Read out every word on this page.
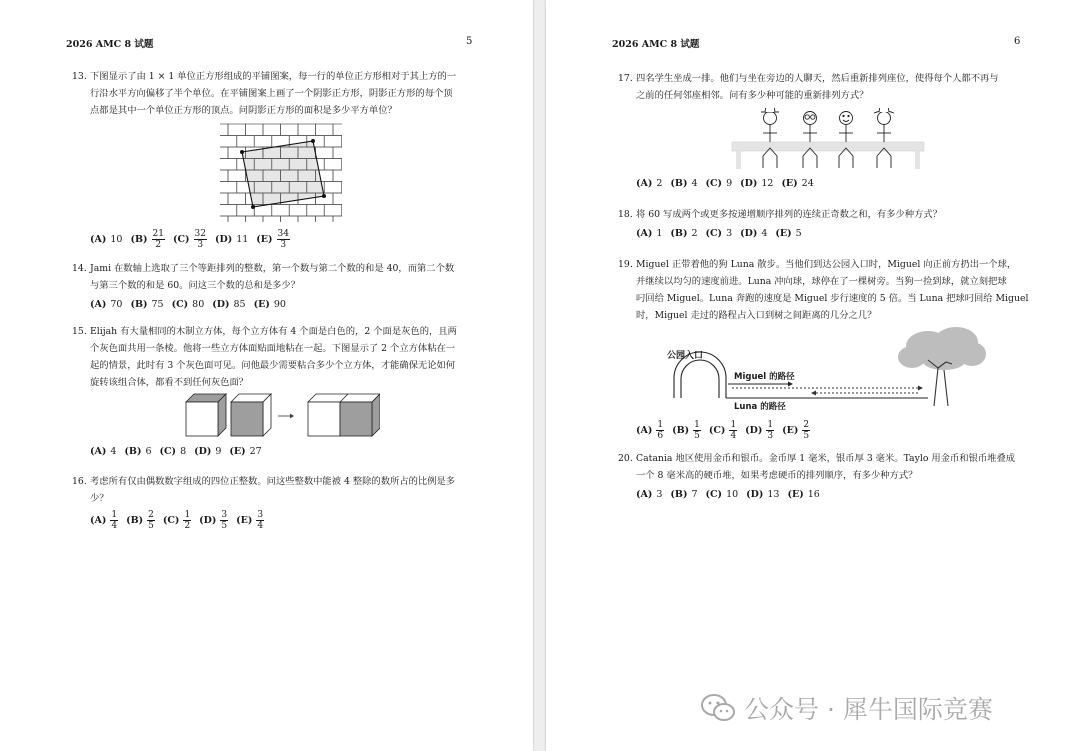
2026 AMC 8 试题	5
13. 下图显示了由 1 × 1 单位正方形组成的平铺图案，每一行的单位正方形相对于其上方的一
行沿水平方向偏移了半个单位。在平铺图案上画了一个阴影正方形，阴影正方形的每个顶
点都是其中一个单位正方形的顶点。问阴影正方形的面积是多少平方单位？
(A) 10 $(B) \frac{21}{2} (C) \frac{32}{3} (D)$ 11 $(E) \frac{34}{3}$
14. Jami 在数轴上选取了三个等距排列的整数，第一个数与第二个数的和是 40，而第二个数
与第三个数的和是 60。问这三个数的总和是多少？
(A) 70 (B) 75 (C) 80 (D) 85 (E) 90
15. Elijah 有大量相同的木制立方体，每个立方体有 4 个面是白色的，2 个面是灰色的，且两
个灰色面共用一条棱。他将一些立方体面贴面地粘在一起。下图显示了 2 个立方体粘在一
起的情景，此时有 3 个灰色面可见。问他最少需要粘合多少个立方体，才能确保无论如何
旋转该组合体，都看不到任何灰色面？
(A) 4 (B) 6 (C) 8 (D) 9 (E) 27
16. 考虑所有仅由偶数数字组成的四位正整数。问这些整数中能被 4 整除的数所占的比例是多
少？
$(A) \frac{1}{4} (B) \frac{2}{5} (C) \frac{1}{2} (D) \frac{3}{5} (E) \frac{3}{4}$
2026 AMC 8 试题	6
17. 四名学生坐成一排。他们与坐在旁边的人聊天，然后重新排列座位，使得每个人都不再与
之前的任何邻座相邻。问有多少种可能的重新排列方式？
(A) 2 (B) 4 (C) 9 (D) 12 (E) 24
18. 将 60 写成两个或更多按递增顺序排列的连续正奇数之和，有多少种方式？
(A) 1 (B) 2 (C) 3 (D) 4 (E) 5
19. Miguel 正带着他的狗 Luna 散步。当他们到达公园入口时，Miguel 向正前方扔出一个球，
并继续以均匀的速度前进。Luna 冲向球，球停在了一棵树旁。当狗一捡到球，就立刻把球
叼回给 Miguel。Luna 奔跑的速度是 Miguel 步行速度的 5 倍。当 Luna 把球叼回给 Miguel
时，Miguel 走过的路程占入口到树之间距离的几分之几？
公园入口
Miguel 的路径
Luna 的路径
$(A) \frac{1}{6} (B) \frac{1}{5} (C) \frac{1}{4} (D) \frac{1}{3} (E) \frac{2}{5}$
20. Catania 地区使用金币和银币。金币厚 1 毫米，银币厚 3 毫米。Taylo 用金币和银币堆叠成
一个 8 毫米高的硬币堆，如果考虑硬币的排列顺序，有多少种方式？
(A) 3 (B) 7 (C) 10 (D) 13 (E) 16
公众号 · 犀牛国际竞赛
